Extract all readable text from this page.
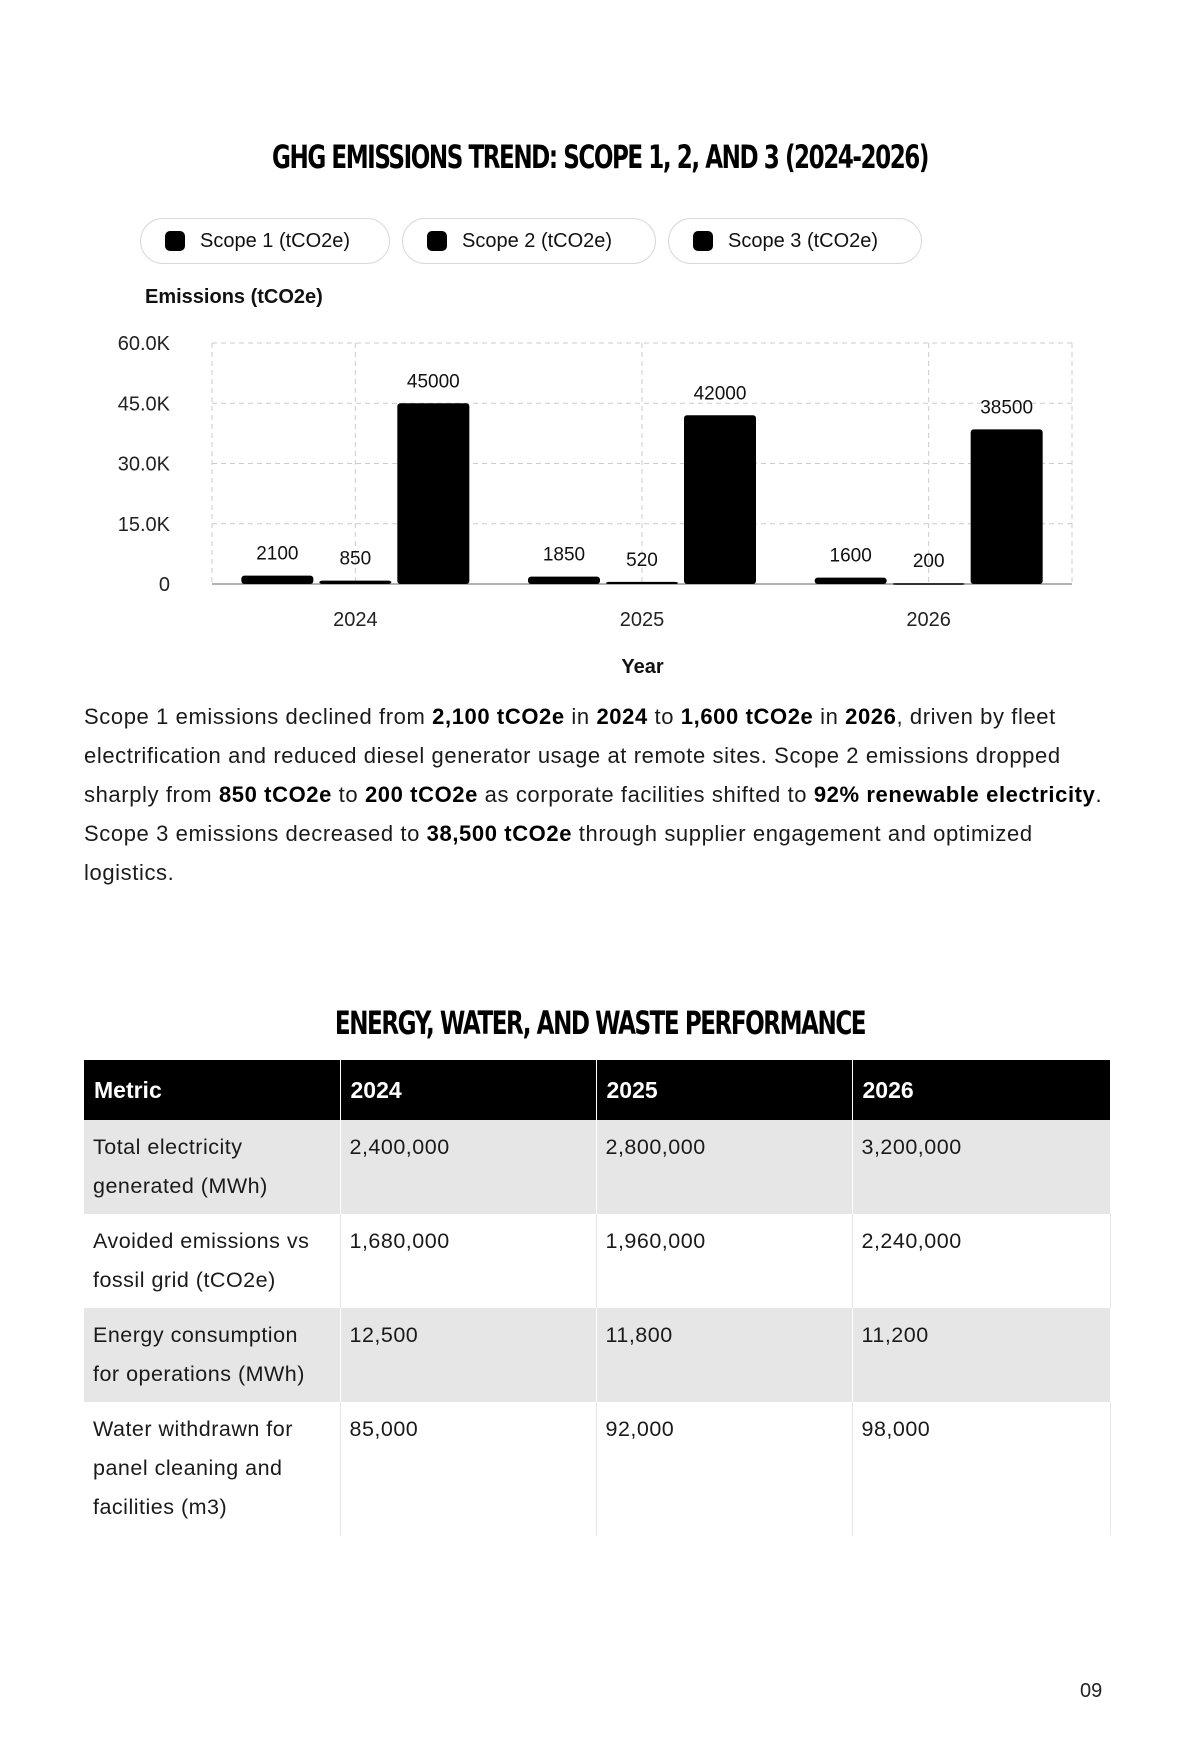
GHG EMISSIONS TREND: SCOPE 1, 2, AND 3 (2024-2026)
Scope 1 (tCO2e)	Scope 2 (tCO2e)	Scope 3 (tCO2e)
Emissions (tCO2e)
0
15.0K
30.0K
45.0K
60.0K
2100 850
45000
1850 520
42000
1600 200
38500
2024	2025	2026
Year

Scope 1 emissions declined from 2,100 tCO2e in 2024 to 1,600 tCO2e in 2026, driven by fleet electrification and reduced diesel generator usage at remote sites. Scope 2 emissions dropped sharply from 850 tCO2e to 200 tCO2e as corporate facilities shifted to 92% renewable electricity. Scope 3 emissions decreased to 38,500 tCO2e through supplier engagement and optimized logistics.

ENERGY, WATER, AND WASTE PERFORMANCE
Metric	2024	2025	2026
Total electricity generated (MWh)	2,400,000	2,800,000	3,200,000
Avoided emissions vs fossil grid (tCO2e)	1,680,000	1,960,000	2,240,000
Energy consumption for operations (MWh)	12,500	11,800	11,200
Water withdrawn for panel cleaning and facilities (m3)	85,000	92,000	98,000
09
